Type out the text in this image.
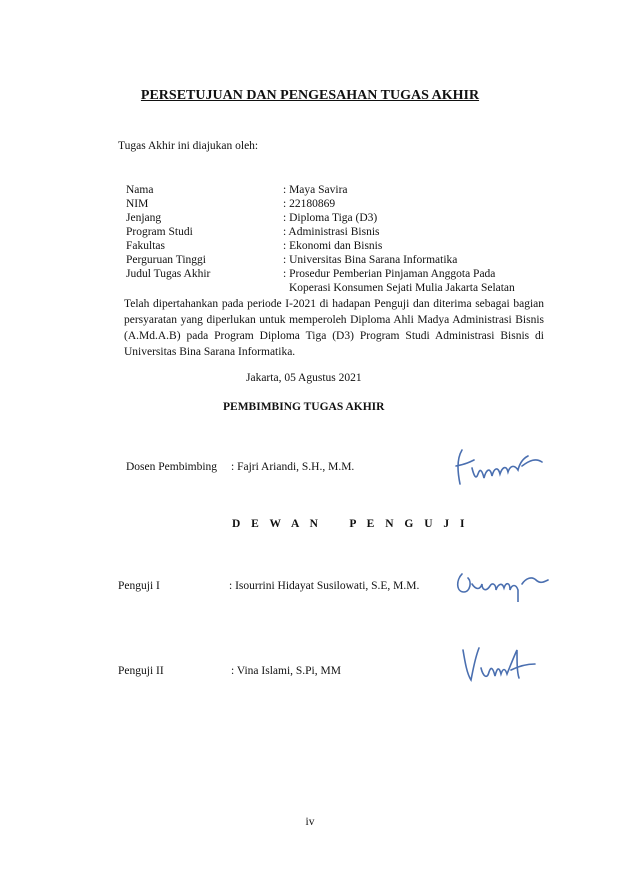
PERSETUJUAN DAN PENGESAHAN TUGAS AKHIR
Tugas Akhir ini diajukan oleh:
Nama	: Maya Savira
NIM	: 22180869
Jenjang	: Diploma Tiga (D3)
Program Studi	: Administrasi Bisnis
Fakultas	: Ekonomi dan Bisnis
Perguruan Tinggi	: Universitas Bina Sarana Informatika
Judul Tugas Akhir	: Prosedur Pemberian Pinjaman Anggota Pada
Koperasi Konsumen Sejati Mulia Jakarta Selatan
Telah dipertahankan pada periode I-2021 di hadapan Penguji dan diterima sebagai bagian persyaratan yang diperlukan untuk memperoleh Diploma Ahli Madya Administrasi Bisnis (A.Md.A.B) pada Program Diploma Tiga (D3) Program Studi Administrasi Bisnis di Universitas Bina Sarana Informatika.
Jakarta, 05 Agustus 2021
PEMBIMBING TUGAS AKHIR
Dosen Pembimbing : Fajri Ariandi, S.H., M.M.
D E W A N    P E N G U J I
Penguji I	: Isourrini Hidayat Susilowati, S.E, M.M.
Penguji II	: Vina Islami, S.Pi, MM
iv
